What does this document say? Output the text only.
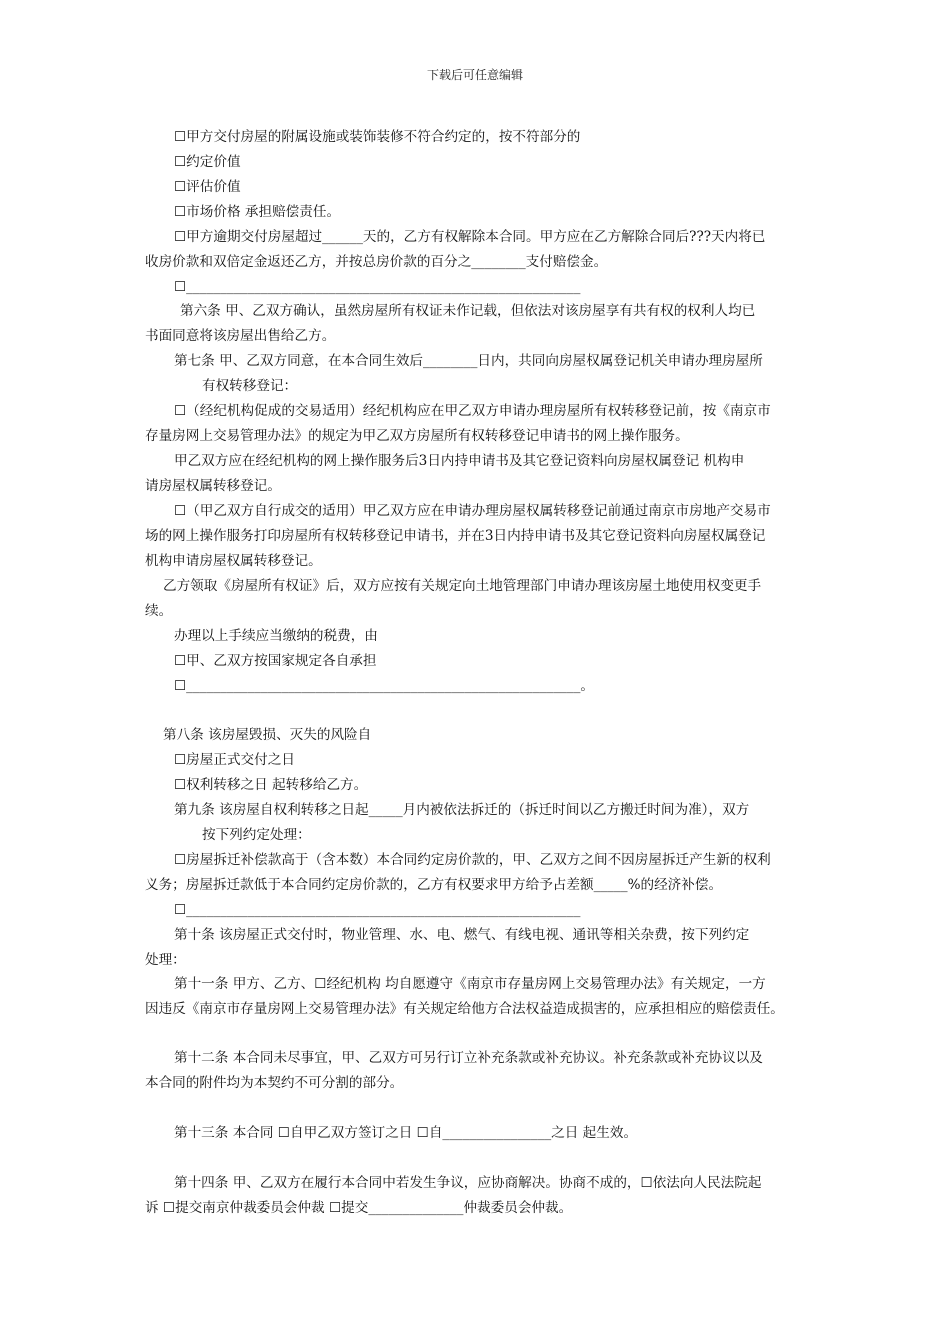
下载后可任意编辑
☐甲方交付房屋的附属设施或装饰装修不符合约定的，按不符部分的
☐约定价值
☐评估价值
☐市场价格 承担赔偿责任。
☐甲方逾期交付房屋超过______天的，乙方有权解除本合同。甲方应在乙方解除合同后???天内将已
收房价款和双倍定金返还乙方，并按总房价款的百分之________支付赔偿金。
☐__________________________________________________________
第六条 甲、乙双方确认，虽然房屋所有权证未作记载，但依法对该房屋享有共有权的权利人均已
书面同意将该房屋出售给乙方。
第七条 甲、乙双方同意，在本合同生效后________日内，共同向房屋权属登记机关申请办理房屋所
有权转移登记：
☐（经纪机构促成的交易适用）经纪机构应在甲乙双方申请办理房屋所有权转移登记前，按《南京市
存量房网上交易管理办法》的规定为甲乙双方房屋所有权转移登记申请书的网上操作服务。
甲乙双方应在经纪机构的网上操作服务后3日内持申请书及其它登记资料向房屋权属登记 机构申
请房屋权属转移登记。
☐（甲乙双方自行成交的适用）甲乙双方应在申请办理房屋权属转移登记前通过南京市房地产交易市
场的网上操作服务打印房屋所有权转移登记申请书，并在3日内持申请书及其它登记资料向房屋权属登记
机构申请房屋权属转移登记。
乙方领取《房屋所有权证》后，双方应按有关规定向土地管理部门申请办理该房屋土地使用权变更手
续。
办理以上手续应当缴纳的税费，由
☐甲、乙双方按国家规定各自承担
☐__________________________________________________________。
第八条 该房屋毁损、灭失的风险自
☐房屋正式交付之日
☐权利转移之日 起转移给乙方。
第九条 该房屋自权利转移之日起_____月内被依法拆迁的（拆迁时间以乙方搬迁时间为准），双方
按下列约定处理：
☐房屋拆迁补偿款高于（含本数）本合同约定房价款的，甲、乙双方之间不因房屋拆迁产生新的权利
义务；房屋拆迁款低于本合同约定房价款的，乙方有权要求甲方给予占差额_____%的经济补偿。
☐__________________________________________________________
第十条 该房屋正式交付时，物业管理、水、电、燃气、有线电视、通讯等相关杂费，按下列约定
处理：
第十一条 甲方、乙方、☐经纪机构 均自愿遵守《南京市存量房网上交易管理办法》有关规定，一方
因违反《南京市存量房网上交易管理办法》有关规定给他方合法权益造成损害的，应承担相应的赔偿责任。
第十二条 本合同未尽事宜，甲、乙双方可另行订立补充条款或补充协议。补充条款或补充协议以及
本合同的附件均为本契约不可分割的部分。
第十三条 本合同 ☐自甲乙双方签订之日 ☐自________________之日 起生效。
第十四条 甲、乙双方在履行本合同中若发生争议，应协商解决。协商不成的，☐依法向人民法院起
诉 ☐提交南京仲裁委员会仲裁 ☐提交______________仲裁委员会仲裁。
